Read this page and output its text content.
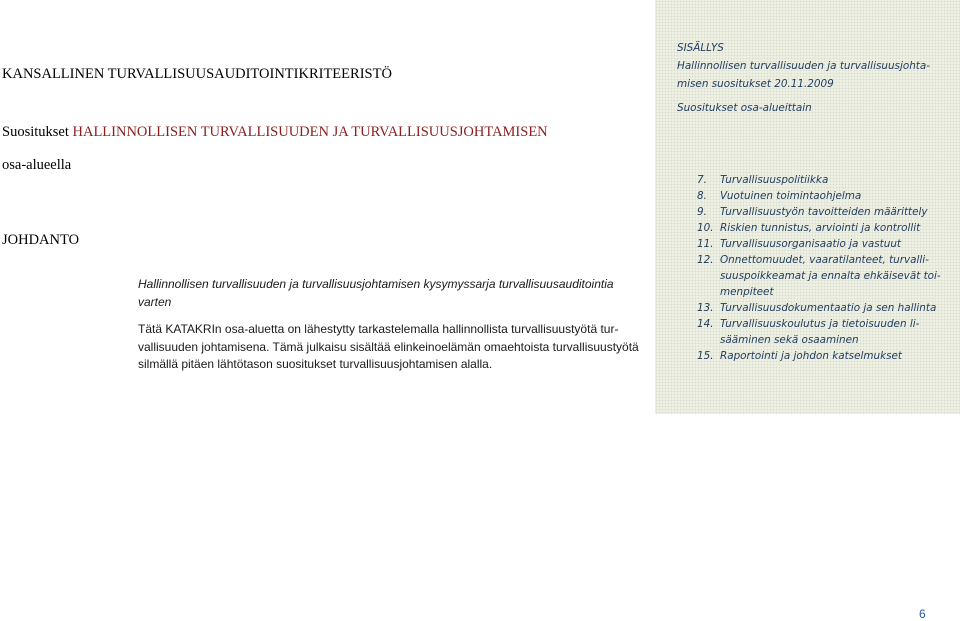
KANSALLINEN TURVALLISUUSAUDITOINTIKRITEERISTÖ
Suositukset HALLINNOLLISEN TURVALLISUUDEN JA TURVALLISUUSJOHTAMISEN
osa-alueella
JOHDANTO
Hallinnollisen turvallisuuden ja turvallisuusjohtamisen kysymyssarja turvallisuusauditointia
varten

Tätä KATAKRIn osa-aluetta on lähestytty tarkastelemalla hallinnollista turvallisuustyötä tur-

vallisuuden johtamisena. Tämä julkaisu sisältää elinkeinoelämän omaehtoista turvallisuustyötä

silmällä pitäen lähtötason suositukset turvallisuusjohtamisen alalla.

SISÄLLYS
Hallinnollisen turvallisuuden ja turvallisuusjohta-
misen suositukset 20.11.2009
Suositukset osa-alueittain
7. Turvallisuuspolitiikka
8. Vuotuinen toimintaohjelma
9. Turvallisuustyön tavoitteiden määrittely
10. Riskien tunnistus, arviointi ja kontrollit
11. Turvallisuusorganisaatio ja vastuut
12. Onnettomuudet, vaaratilanteet, turvalli-
suuspoikkeamat ja ennalta ehkäisevät toi-
menpiteet
13. Turvallisuusdokumentaatio ja sen hallinta
14. Turvallisuuskoulutus ja tietoisuuden li-
sääminen sekä osaaminen
15. Raportointi ja johdon katselmukset
6
